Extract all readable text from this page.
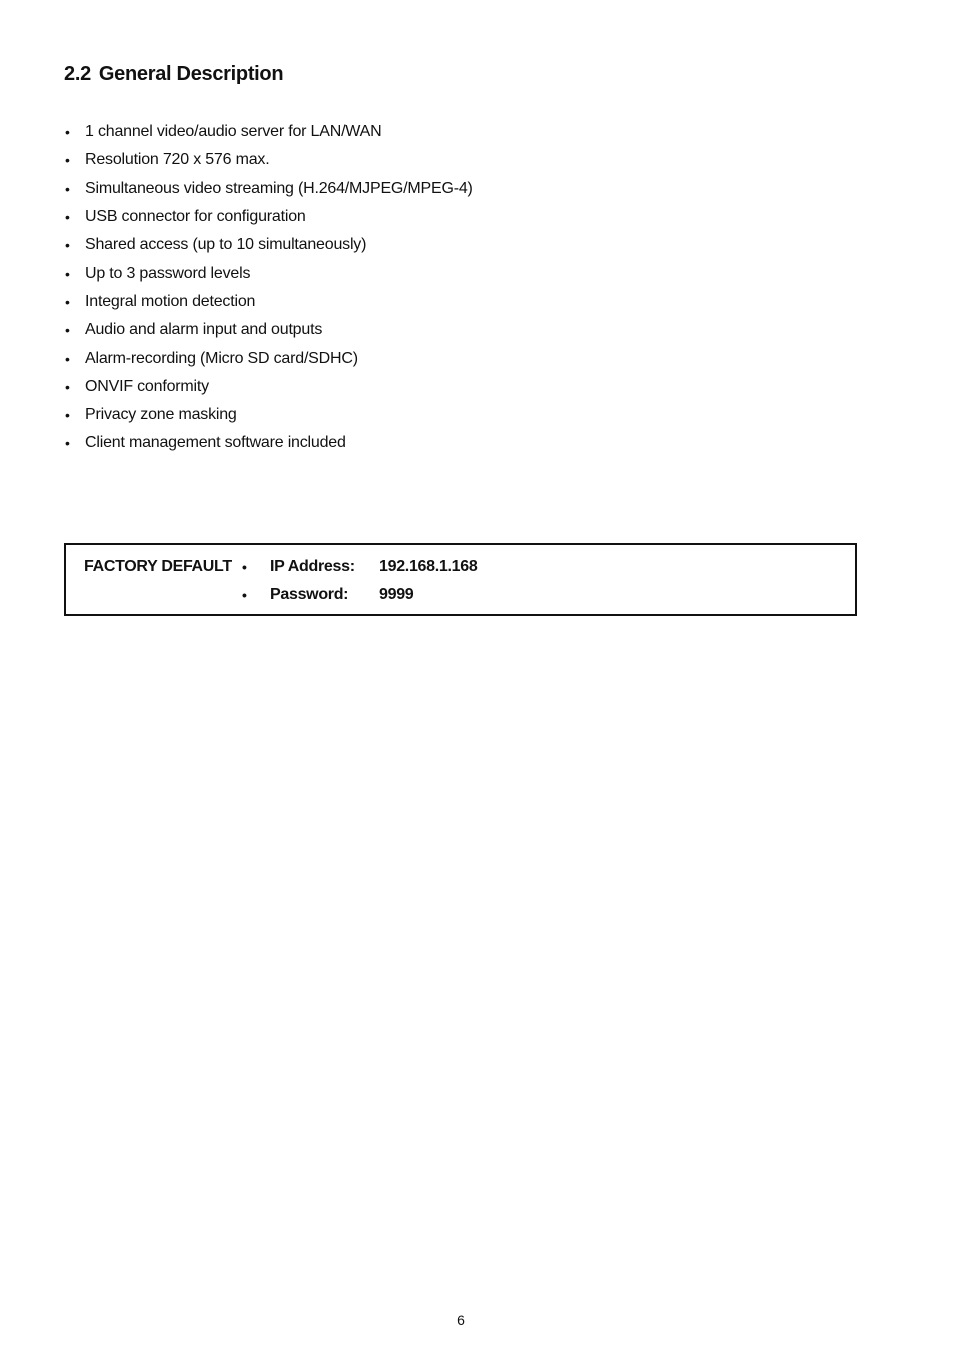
2.2 General Description
• 1 channel video/audio server for LAN/WAN
• Resolution 720 x 576 max.
• Simultaneous video streaming (H.264/MJPEG/MPEG-4)
• USB connector for configuration
• Shared access (up to 10 simultaneously)
• Up to 3 password levels
• Integral motion detection
• Audio and alarm input and outputs
• Alarm-recording (Micro SD card/SDHC)
• ONVIF conformity
• Privacy zone masking
• Client management software included
FACTORY DEFAULT •	IP Address:	192.168.1.168
•	Password:	9999
6
